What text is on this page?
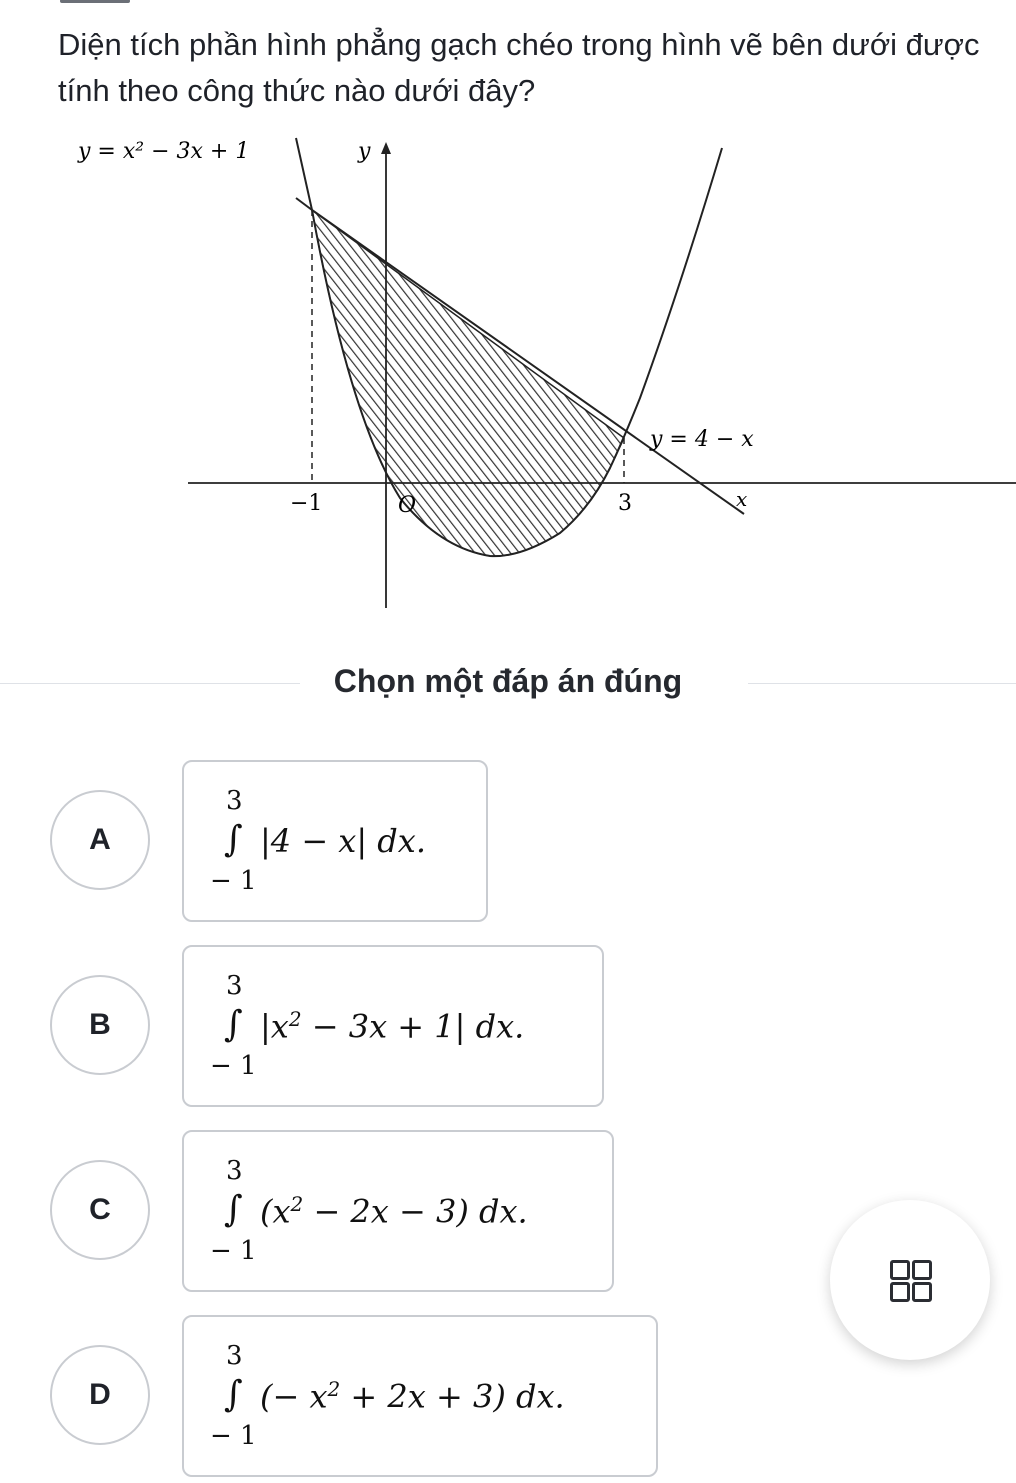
Diện tích phần hình phẳng gạch chéo trong hình vẽ bên dưới được tính theo công thức nào dưới đây?

y = x² − 3x + 1	y
y = 4 − x
x
O
−1	3
Chọn một đáp án đúng
A
3
∫
− 1
|4 − x| dx.
B
3
∫
− 1
$|x^2 - 3x + 1|$ dx.
C
3
∫
− 1
$(x^2 - 2x - 3)$ dx.
D
3
∫
− 1
(− $x^2 + 2x + 3$) dx.
